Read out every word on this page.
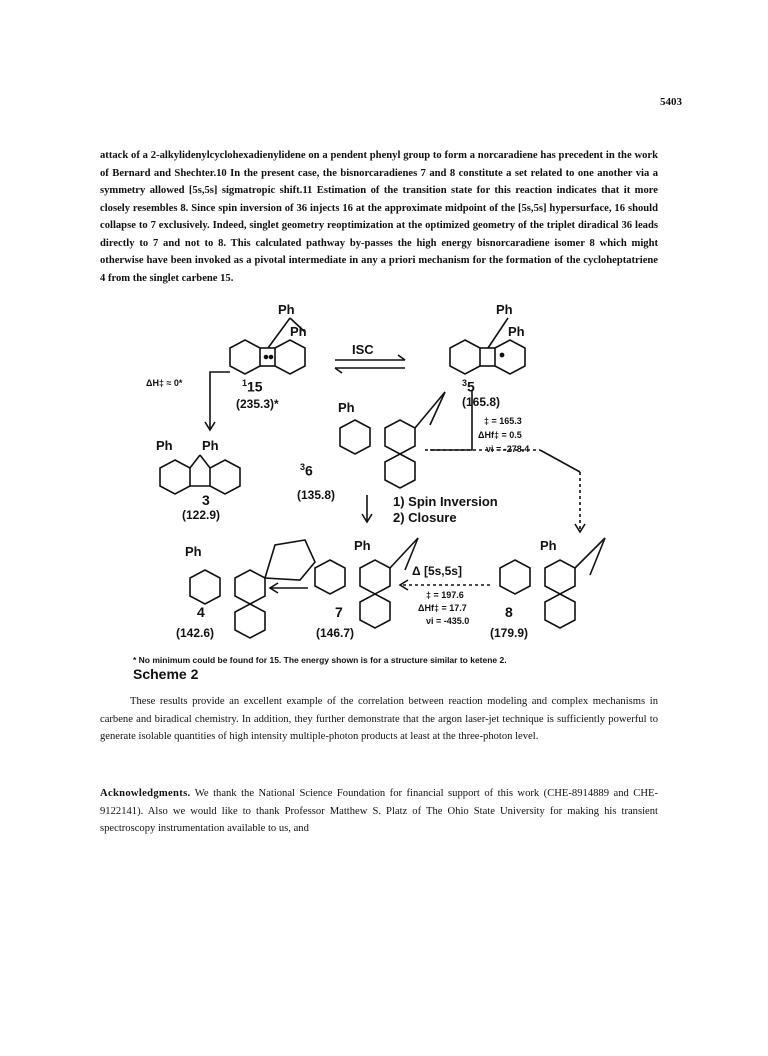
5403
attack of a 2-alkylidenylcyclohexadienylidene on a pendent phenyl group to form a norcaradiene has precedent in the work of Bernard and Shechter.10 In the present case, the bisnorcaradienes 7 and 8 constitute a set related to one another via a symmetry allowed [5s,5s] sigmatropic shift.11 Estimation of the transition state for this reaction indicates that it more closely resembles 8. Since spin inversion of 36 injects 16 at the approximate midpoint of the [5s,5s] hypersurface, 16 should collapse to 7 exclusively. Indeed, singlet geometry reoptimization at the optimized geometry of the triplet diradical 36 leads directly to 7 and not to 8. This calculated pathway by-passes the high energy bisnorcaradiene isomer 8 which might otherwise have been invoked as a pivotal intermediate in any a priori mechanism for the formation of the cycloheptatriene 4 from the singlet carbene 15.
Ph
Ph
Ph
Ph
ISC
ΔH‡ ≈ 0*	$^1$15
(235.3)*
$^3$5
(165.8)
Ph
‡ = 165.3
ΔHf‡ = 0.5
νi = -278.4
Ph Ph
$^3$6
(135.8)
3
(122.9)
1) Spin Inversion
2) Closure
Ph	Ph
Ph
Δ [5s,5s]
‡ = 197.6
ΔHf‡ = 17.7
νi = -435.0
4	7	8
(142.6)	(146.7)	(179.9)
* No minimum could be found for 15. The energy shown is for a structure similar to ketene 2.
Scheme 2
These results provide an excellent example of the correlation between reaction modeling and complex mechanisms in carbene and biradical chemistry. In addition, they further demonstrate that the argon laser-jet technique is sufficiently powerful to generate isolable quantities of high intensity multiple-photon products at least at the three-photon level.
Acknowledgments. We thank the National Science Foundation for financial support of this work (CHE-8914889 and CHE-9122141). Also we would like to thank Professor Matthew S. Platz of The Ohio State University for making his transient spectroscopy instrumentation available to us, and
